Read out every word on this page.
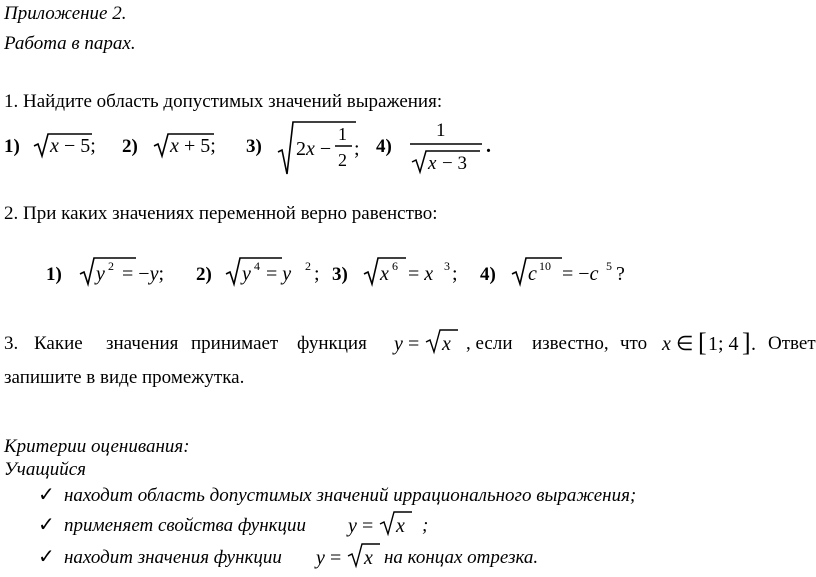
Приложение 2.
Работа в парах.
1. Найдите область допустимых значений выражения:
1) x − 5; 2) x + 5; 3) 2x −
1
2 ; 4)
1
x − 3
.
2. При каких значениях переменной верно равенство:
1) y 2 = −y; 2) y 4 = y 2 ; 3) x 6 = x 3 ; 4) c 10 = −c 5 ?
3. Какие значения принимает функция y = x , если известно, что x ∈ [ 1; 4 ] . Ответ
запишите в виде промежутка.
Критерии оценивания:
Учащийся
✓ находит область допустимых значений иррационального выражения;
✓ применяет свойства функции y = x ;
✓ находит значения функции y = x на концах отрезка.
